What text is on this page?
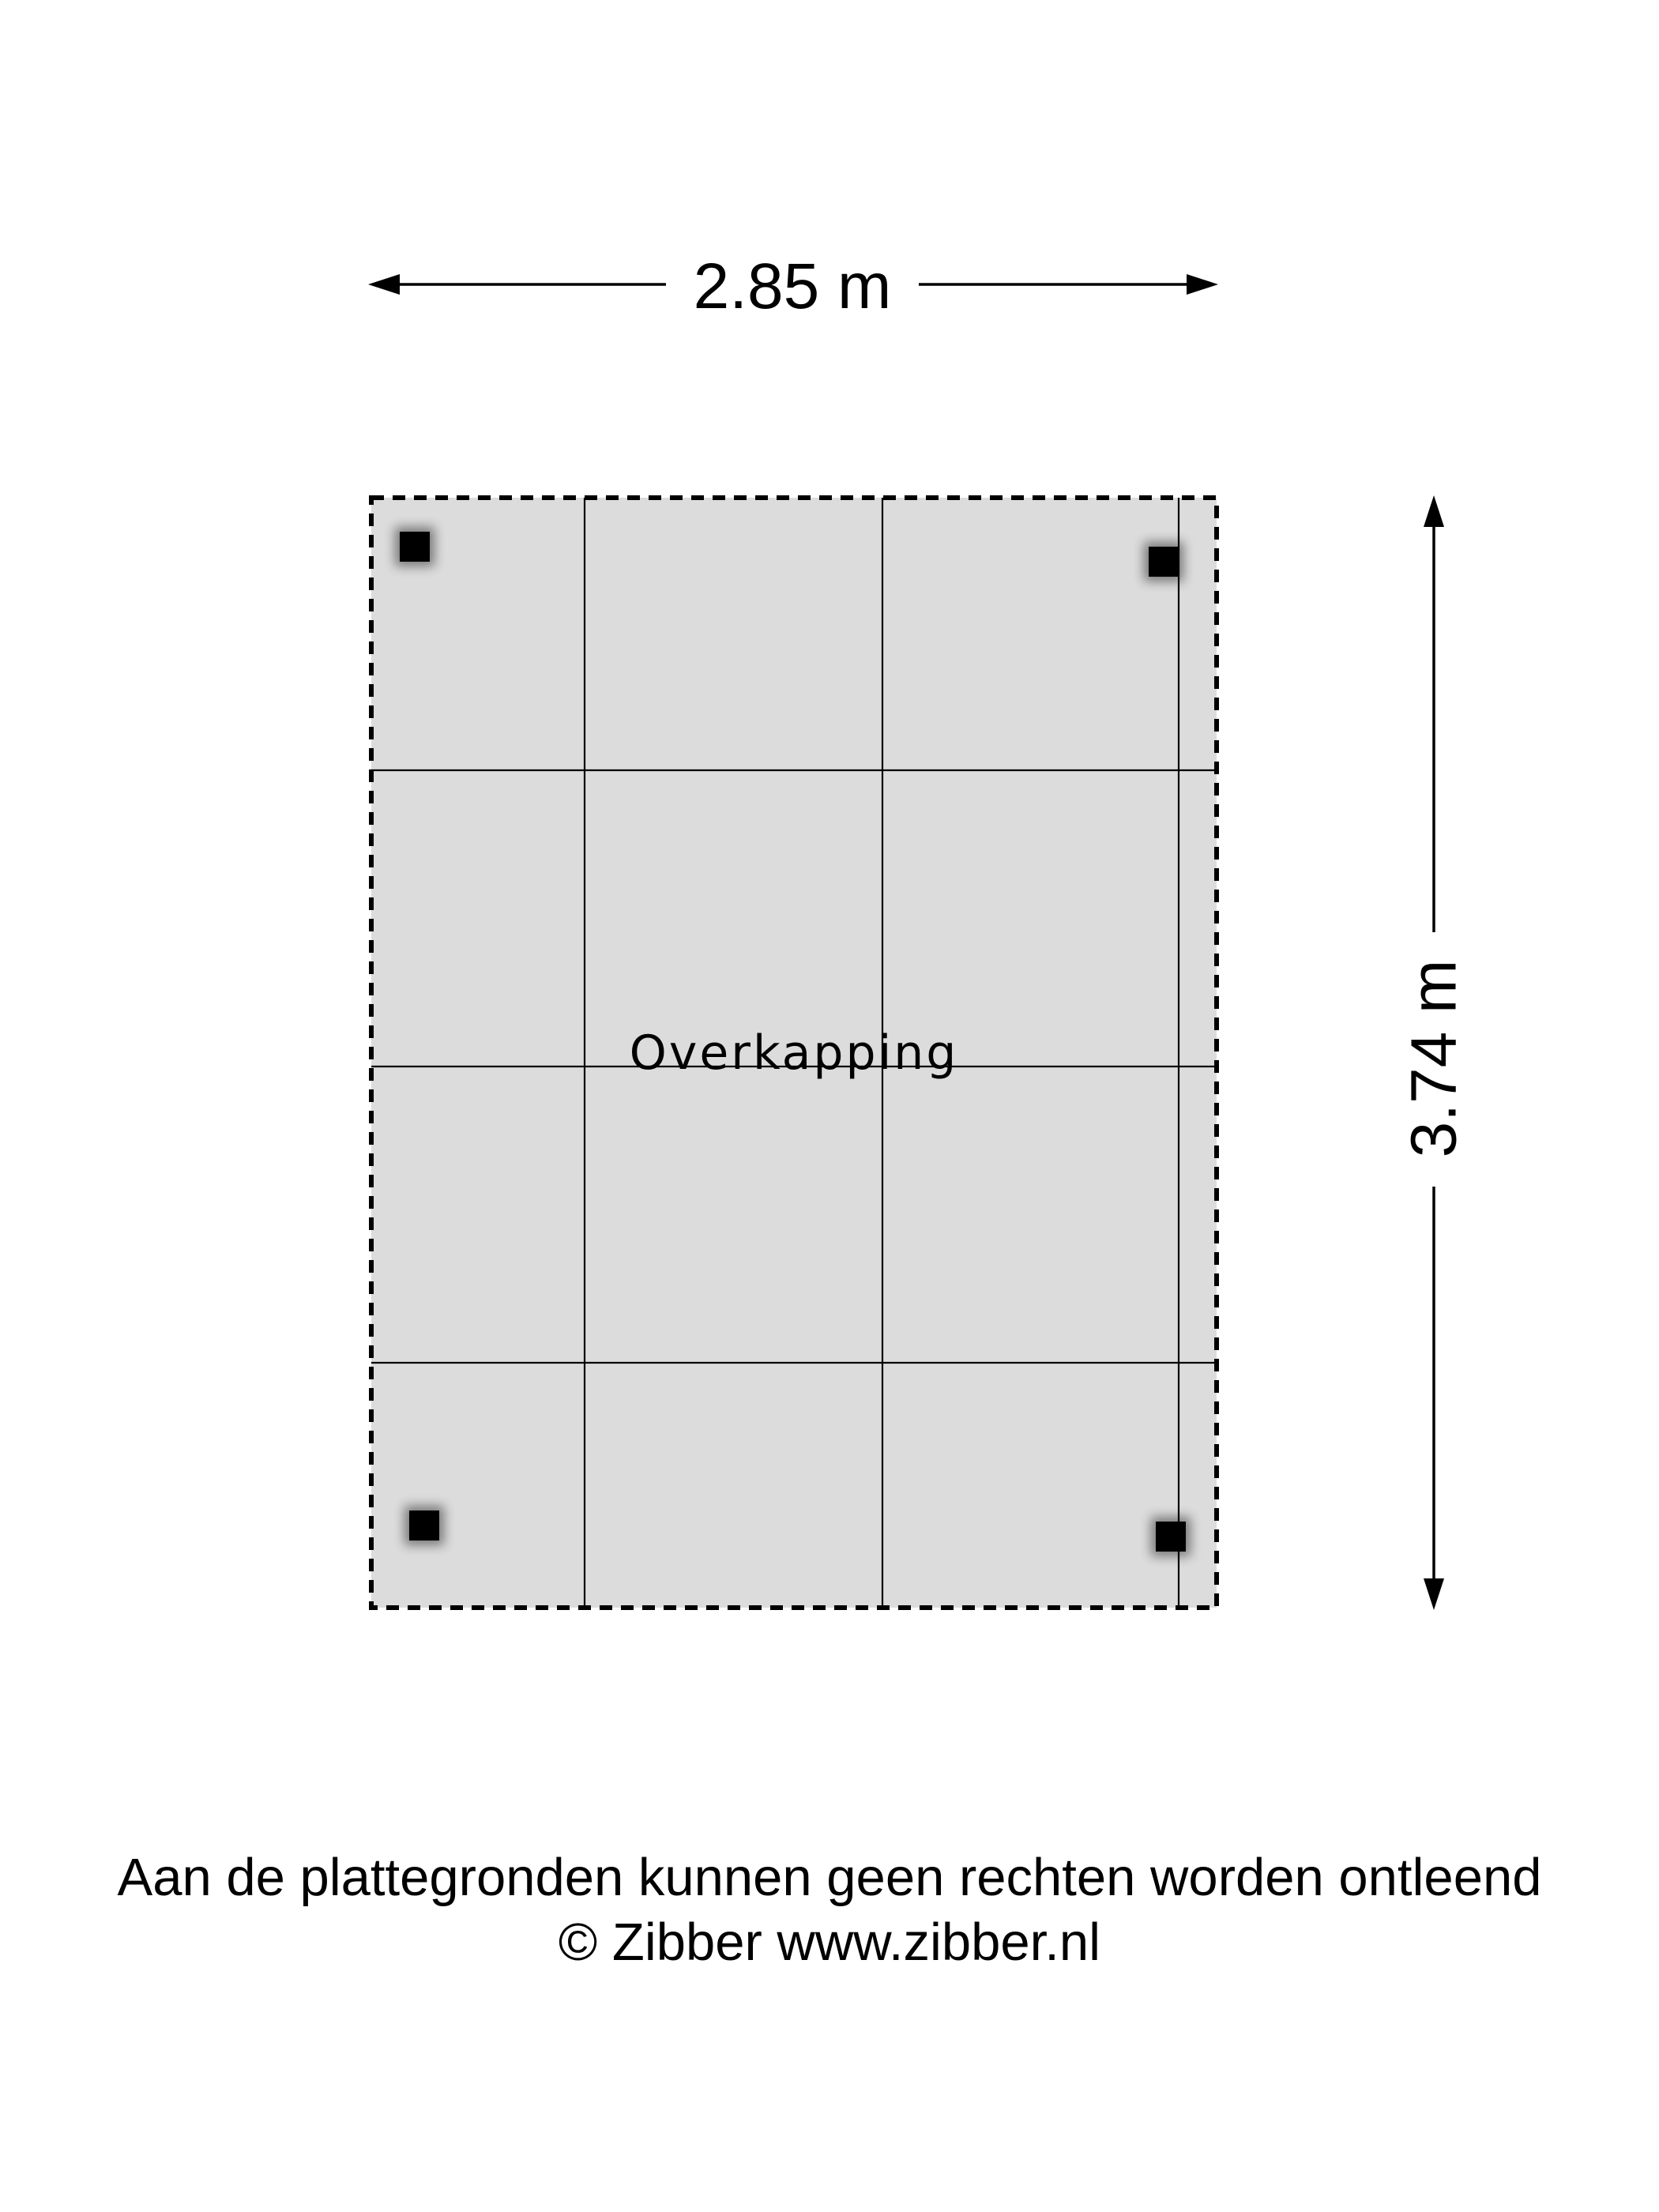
Overkapping
2.85 m
3.74 m
Aan de plattegronden kunnen geen rechten worden ontleend
© Zibber www.zibber.nl
